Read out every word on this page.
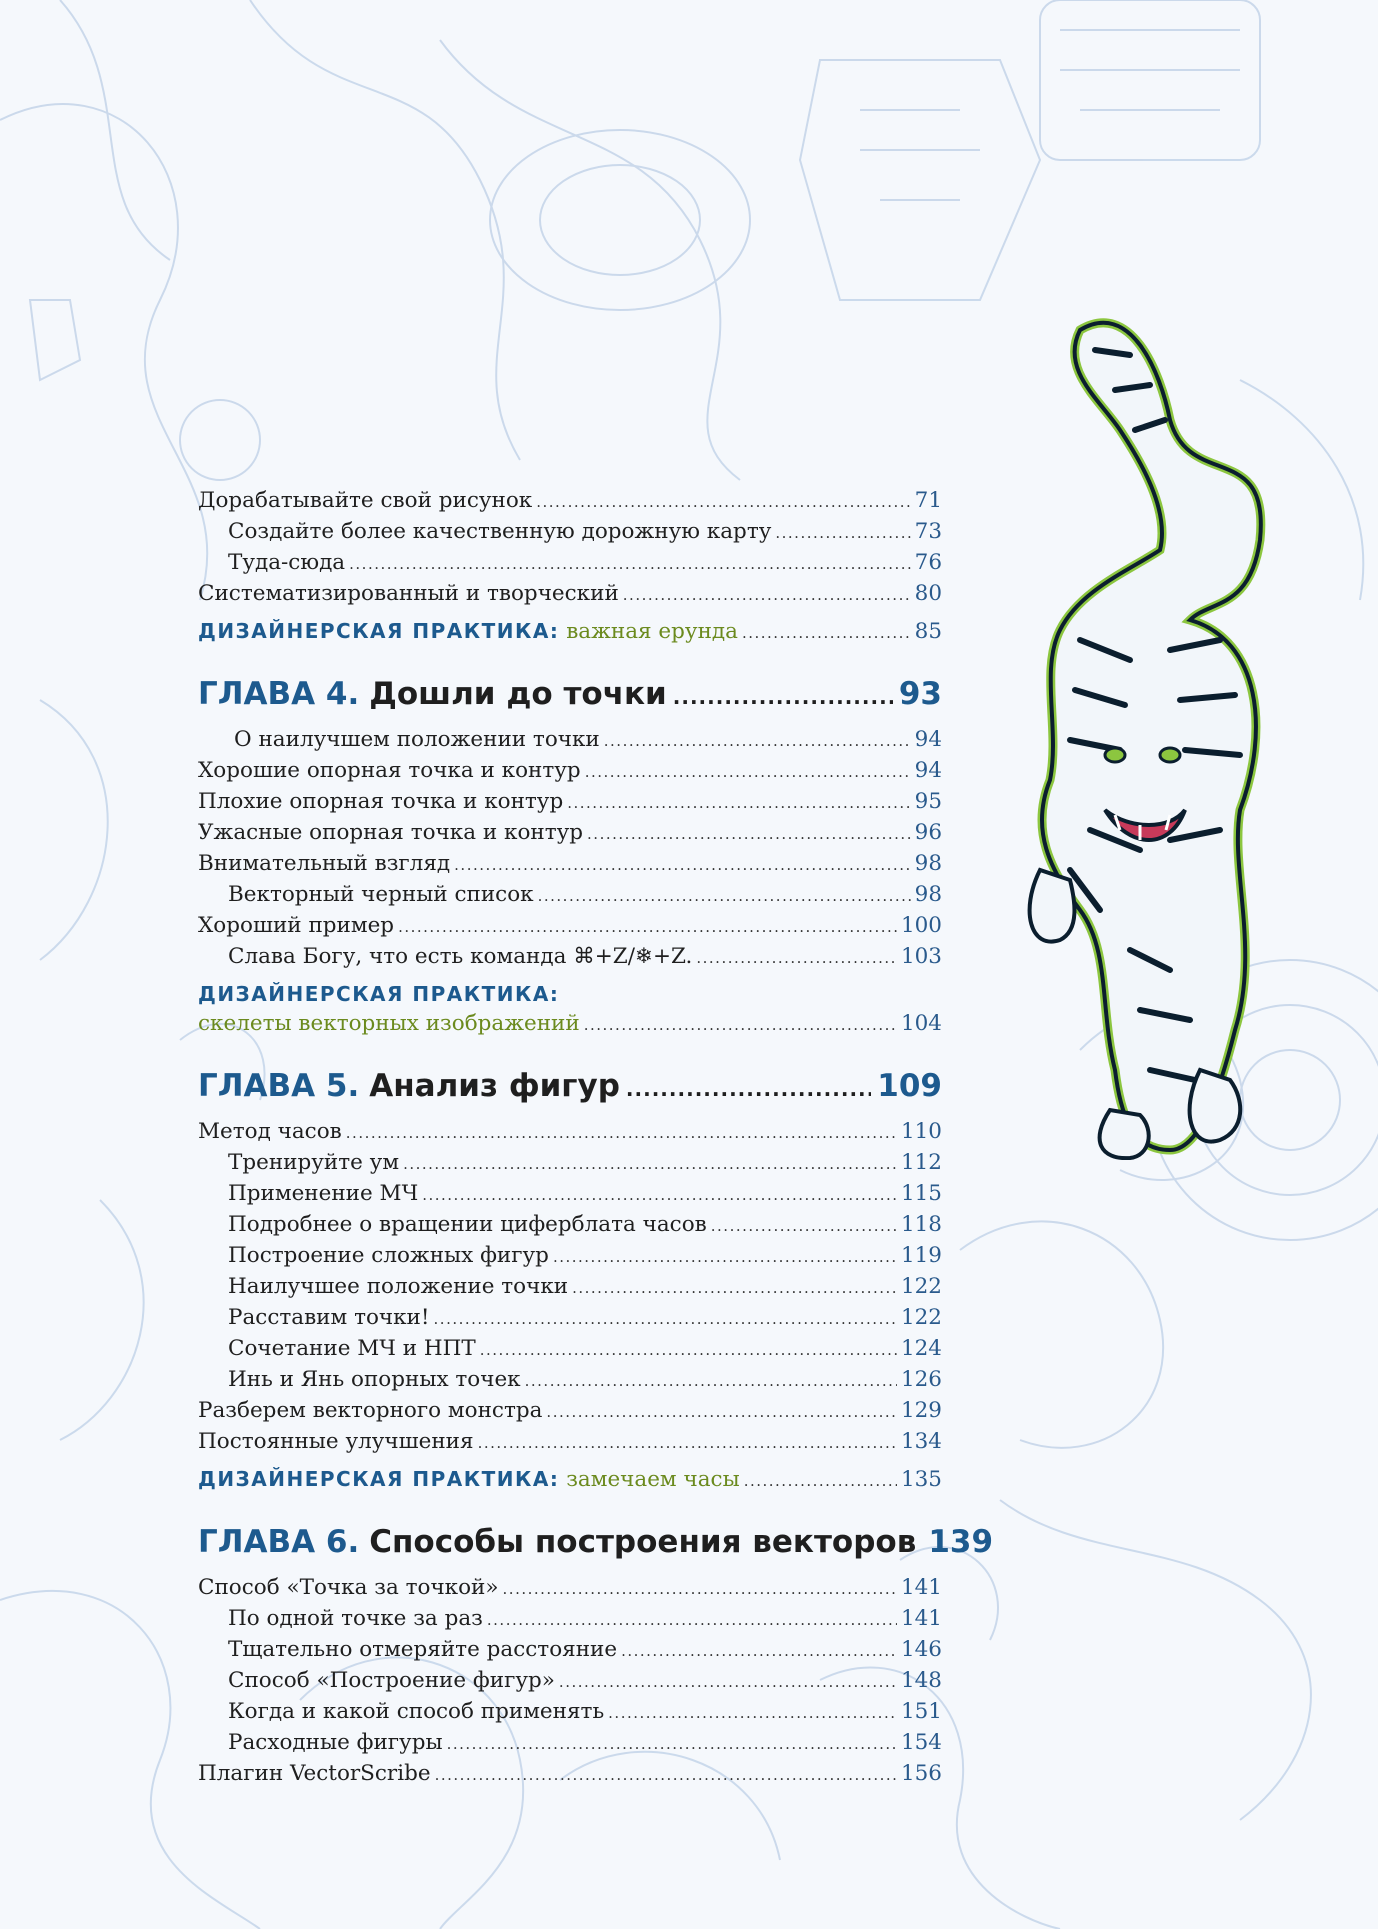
Дорабатывайте свой рисунок .....	71
Создайте более качественную дорожную карту .....	73
Туда-сюда .....	76
Систематизированный и творческий .....	80
ДИЗАЙНЕРСКАЯ ПРАКТИКА: важная ерунда .....	85
ГЛАВА 4. Дошли до точки .....	93
О наилучшем положении точки .....	94
Хорошие опорная точка и контур .....	94
Плохие опорная точка и контур .....	95
Ужасные опорная точка и контур .....	96
Внимательный взгляд .....	98
Векторный черный список .....	98
Хороший пример .....	100
Слава Богу, что есть команда ⌘+Z/❄+Z. .....	103
ДИЗАЙНЕРСКАЯ ПРАКТИКА:
скелеты векторных изображений .....	104
ГЛАВА 5. Анализ фигур .....	109
Метод часов .....	110
Тренируйте ум .....	112
Применение МЧ .....	115
Подробнее о вращении циферблата часов .....	118
Построение сложных фигур .....	119
Наилучшее положение точки .....	122
Расставим точки! .....	122
Сочетание МЧ и НПТ .....	124
Инь и Янь опорных точек .....	126
Разберем векторного монстра .....	129
Постоянные улучшения .....	134
ДИЗАЙНЕРСКАЯ ПРАКТИКА: замечаем часы .....	135
ГЛАВА 6. Способы построения векторов 139
Способ «Точка за точкой» .....	141
По одной точке за раз .....	141
Тщательно отмеряйте расстояние .....	146
Способ «Построение фигур» .....	148
Когда и какой способ применять .....	151
Расходные фигуры .....	154
Плагин VectorScribe .....	156
